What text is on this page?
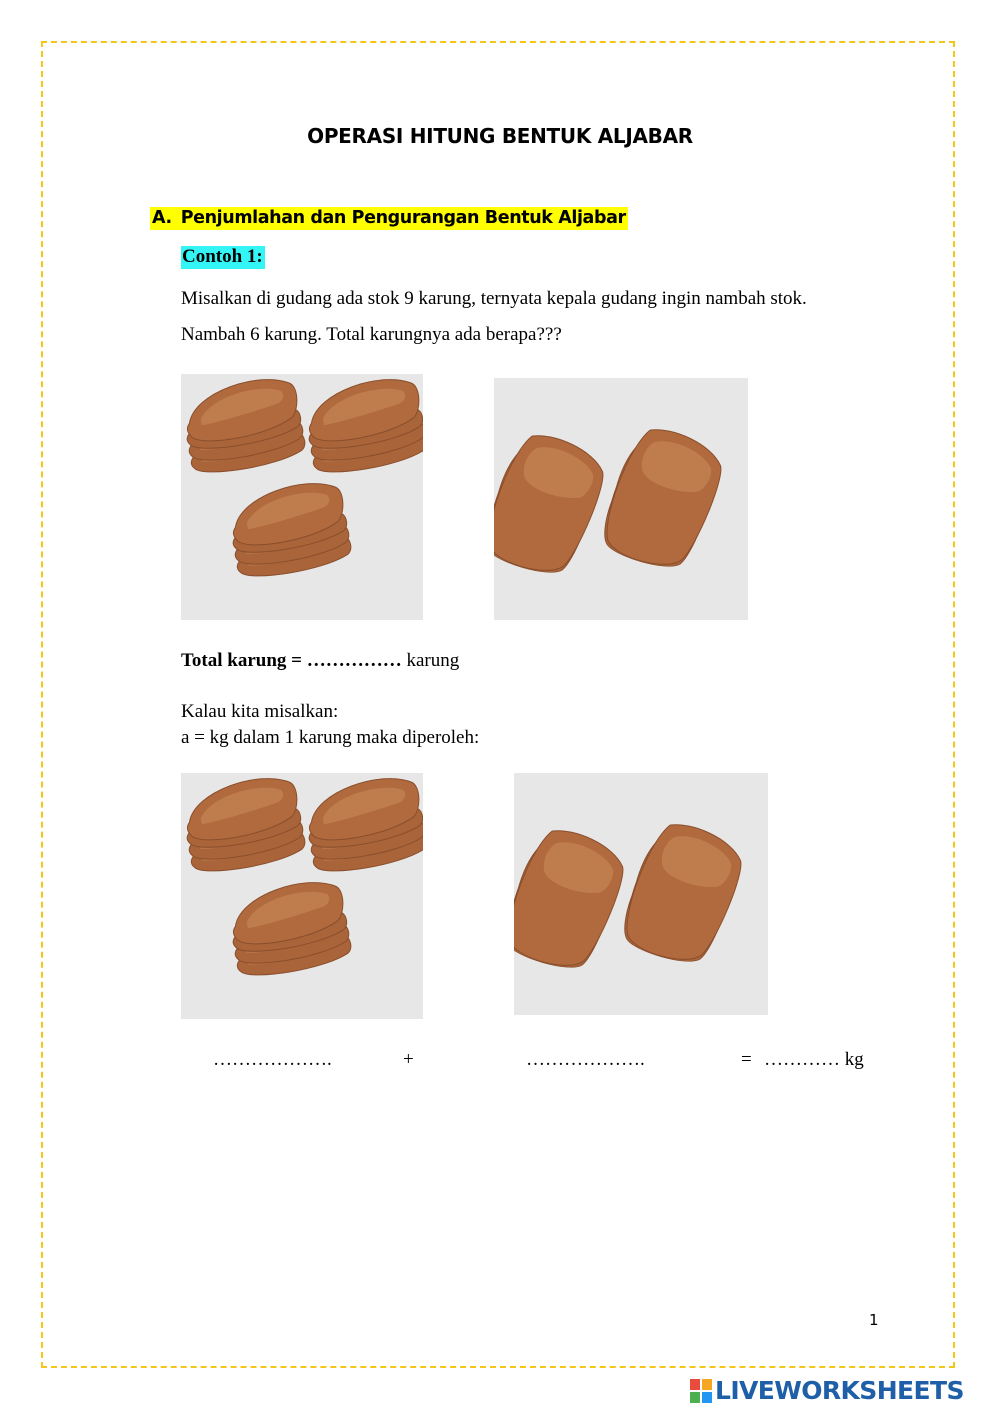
OPERASI HITUNG BENTUK ALJABAR
A. Penjumlahan dan Pengurangan Bentuk Aljabar
Contoh 1:
Misalkan di gudang ada stok 9 karung, ternyata kepala gudang ingin nambah stok.
Nambah 6 karung. Total karungnya ada berapa???
Total karung = …………… karung
Kalau kita misalkan:
a = kg dalam 1 karung maka diperoleh:
……………….	+	……………….	= ………… kg
1
LIVEWORKSHEETS
